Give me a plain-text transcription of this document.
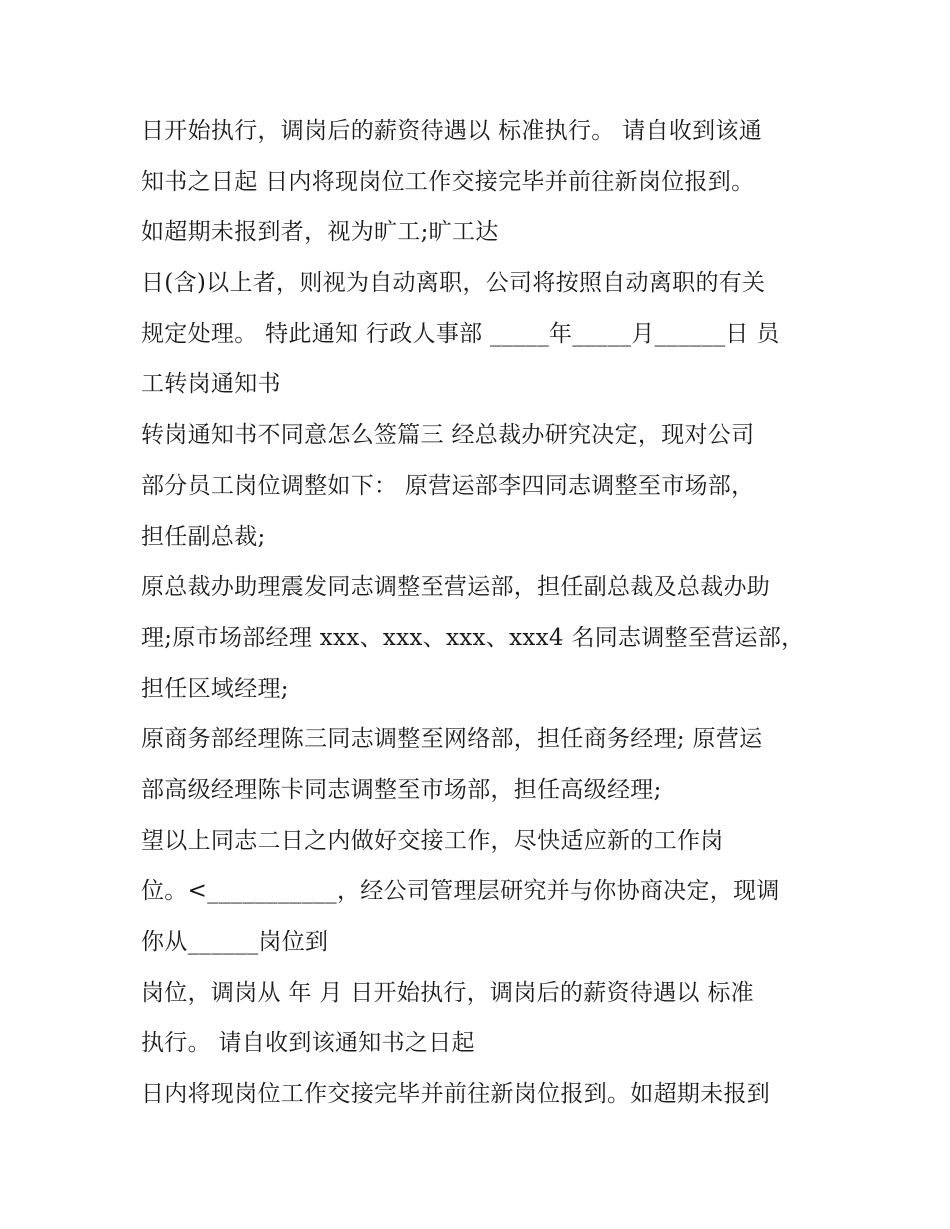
日开始执行，调岗后的薪资待遇以 标准执行。 请自收到该通

知书之日起 日内将现岗位工作交接完毕并前往新岗位报到。

如超期未报到者，视为旷工;旷工达

日(含)以上者，则视为自动离职，公司将按照自动离职的有关

规定处理。 特此通知 行政人事部 _____年_____月______日 员

工转岗通知书

转岗通知书不同意怎么签篇三 经总裁办研究决定，现对公司

部分员工岗位调整如下： 原营运部李四同志调整至市场部，

担任副总裁;

原总裁办助理震发同志调整至营运部，担任副总裁及总裁办助

理;原市场部经理 xxx、xxx、xxx、xxx4 名同志调整至营运部，

担任区域经理;

原商务部经理陈三同志调整至网络部，担任商务经理; 原营运

部高级经理陈卡同志调整至市场部，担任高级经理;

望以上同志二日之内做好交接工作，尽快适应新的工作岗

位。<___________，经公司管理层研究并与你协商决定，现调

你从______岗位到

岗位，调岗从 年 月 日开始执行，调岗后的薪资待遇以 标准

执行。 请自收到该通知书之日起

日内将现岗位工作交接完毕并前往新岗位报到。如超期未报到
